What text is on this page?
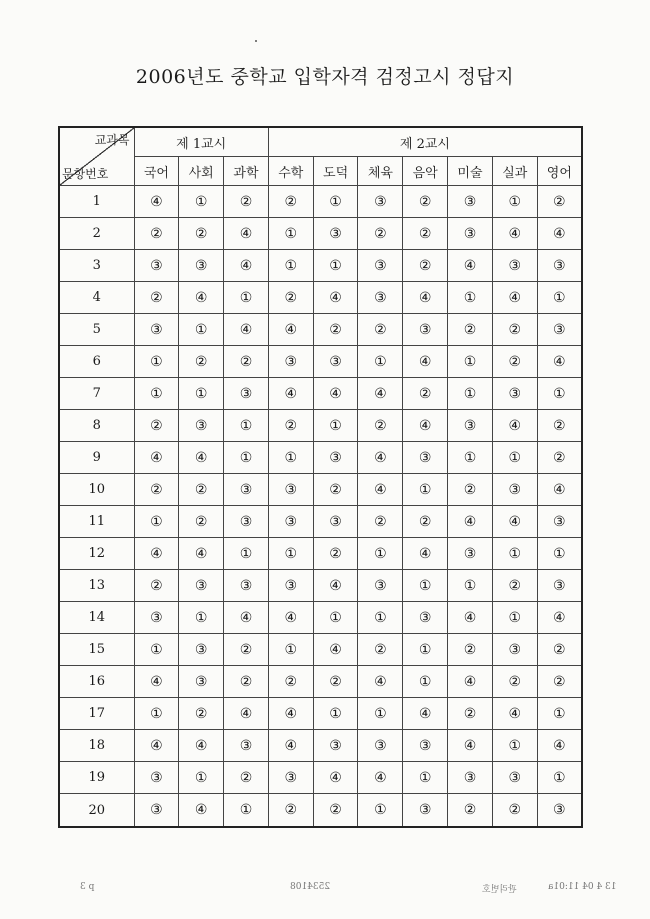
2006년도 중학교 입학자격 검정고시 정답지
교과목
문항번호	제 1교시			제 2교시						
	국어	사회	과학	수학	도덕	체육	음악	미술	실과	영어
1	④	①	②	②	①	③	②	③	①	②
2	②	②	④	①	③	②	②	③	④	④
3	③	③	④	①	①	③	②	④	③	③
4	②	④	①	②	④	③	④	①	④	①
5	③	①	④	④	②	②	③	②	②	③
6	①	②	②	③	③	①	④	①	②	④
7	①	①	③	④	④	④	②	①	③	①
8	②	③	①	②	①	②	④	③	④	②
9	④	④	①	①	③	④	③	①	①	②
10	②	②	③	③	②	④	①	②	③	④
11	①	②	③	③	③	②	②	④	④	③
12	④	④	①	①	②	①	④	③	①	①
13	②	③	③	③	④	③	①	①	②	③
14	③	①	④	④	①	①	③	④	①	④
15	①	③	②	①	④	②	①	②	③	②
16	④	③	②	②	②	④	①	④	②	②
17	①	②	④	④	①	①	④	②	④	①
18	④	④	③	④	③	③	③	④	①	④
19	③	①	②	③	④	④	①	③	③	①
20	③	④	①	②	②	①	③	②	②	③
p 3	2534108	관리번호	13 4 04 11:01a
